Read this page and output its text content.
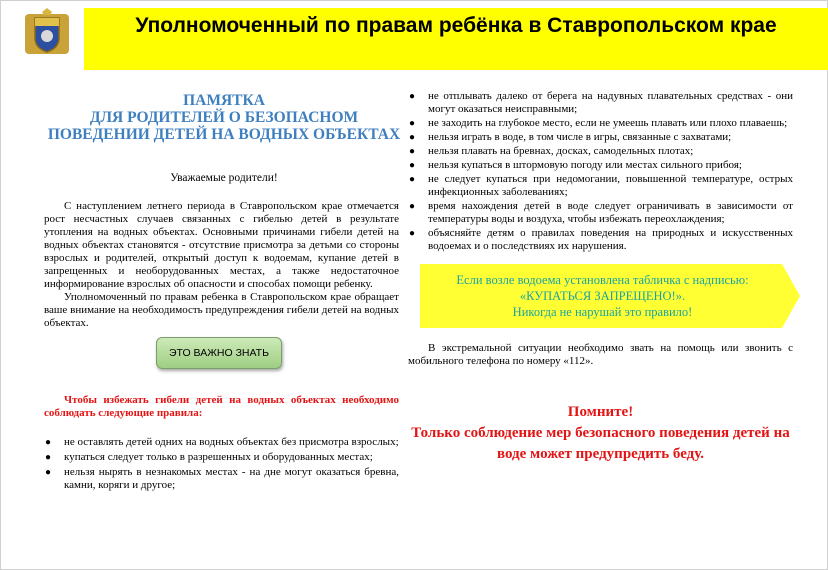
Уполномоченный по правам ребёнка в Ставропольском крае
ПАМЯТКА
ДЛЯ РОДИТЕЛЕЙ О БЕЗОПАСНОМ
ПОВЕДЕНИИ ДЕТЕЙ НА ВОДНЫХ ОБЪЕКТАХ
Уважаемые родители!

С наступлением летнего периода в Ставропольском крае отмечается рост несчастных случаев связанных с гибелью детей в результате утопления на водных объектах. Основными причинами гибели детей на водных объектах становятся - отсутствие присмотра за детьми со стороны взрослых и родителей, открытый доступ к водоемам, купание детей в запрещенных и необорудованных местах, а также недостаточное информирование взрослых об опасности и способах помощи ребенку.

Уполномоченный по правам ребенка в Ставропольском крае обращает ваше внимание на необходимость предупреждения гибели детей на водных объектах.

ЭТО ВАЖНО ЗНАТЬ

Чтобы избежать гибели детей на водных объектах необходимо соблюдать следующие правила:

● не оставлять детей одних на водных объектах без присмотра взрослых;
● купаться следует только в разрешенных и оборудованных местах;
● нельзя нырять в незнакомых местах - на дне могут оказаться бревна, камни, коряги и другое;
● не отплывать далеко от берега на надувных плавательных средствах - они могут оказаться неисправными;
● не заходить на глубокое место, если не умеешь плавать или плохо плаваешь;
● нельзя играть в воде, в том числе в игры, связанные с захватами;
● нельзя плавать на бревнах, досках, самодельных плотах;
● нельзя купаться в штормовую погоду или местах сильного прибоя;
● не следует купаться при недомогании, повышенной температуре, острых инфекционных заболеваниях;
● время нахождения детей в воде следует ограничивать в зависимости от температуры воды и воздуха, чтобы избежать переохлаждения;
● объясняйте детям о правилах поведения на природных и искусственных водоемах и о последствиях их нарушения.
Если возле водоема установлена табличка с надписью:
«КУПАТЬСЯ ЗАПРЕЩЕНО!».
Никогда не нарушай это правило!

В экстремальной ситуации необходимо звать на помощь или звонить с мобильного телефона по номеру «112».

Помните!
Только соблюдение мер безопасного поведения детей на воде может предупредить беду.
